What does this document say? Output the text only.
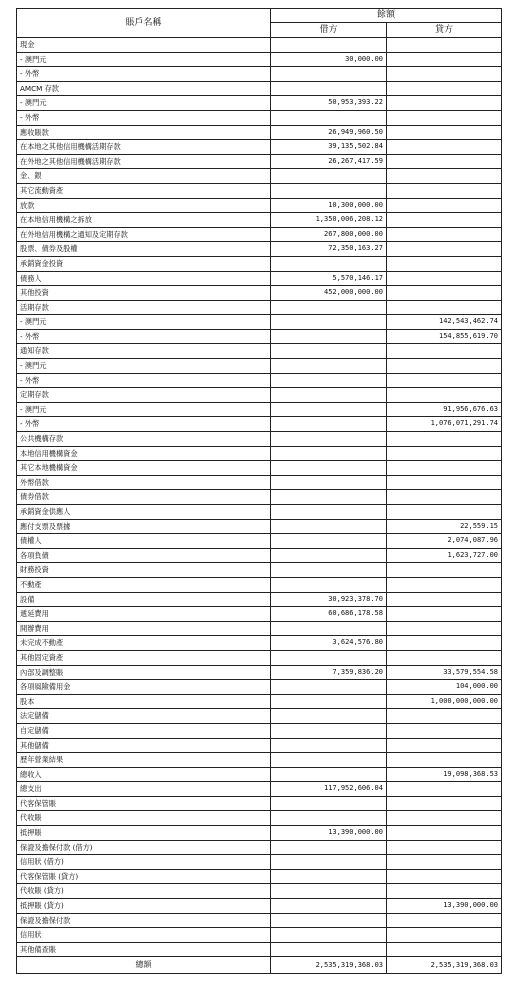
賬戶名稱	餘額	
	借方	貸方
現金		
- 澳門元	30,000.00	
- 外幣		
AMCM 存款		
- 澳門元	50,953,393.22	
- 外幣		
應收賬款	26,949,960.50	
在本地之其他信用機構活期存款	39,135,502.84	
在外地之其他信用機構活期存款	26,267,417.59	
金、銀		
其它流動資產		
放款	10,300,000.00	
在本地信用機構之拆放	1,350,006,208.12	
在外地信用機構之通知及定期存款	267,800,000.00	
股票、債券及股權	72,350,163.27	
承銷資金投資		
債務人	5,570,146.17	
其他投資	452,000,000.00	
活期存款		
- 澳門元		142,543,462.74
- 外幣		154,855,619.70
通知存款		
- 澳門元		
- 外幣		
定期存款		
- 澳門元		91,956,676.63
- 外幣		1,076,071,291.74
公共機構存款		
本地信用機構資金		
其它本地機構資金		
外幣借款		
債券借款		
承銷資金供應人		
應付支票及票據		22,559.15
債權人		2,074,087.96
各項負債		1,623,727.00
財務投資		
不動產		
設備	30,923,378.70	
遞延費用	60,686,178.58	
開辦費用		
未完成不動產	3,624,576.80	
其他固定資產		
內部及調整賬	7,359,836.20	33,579,554.58
各項風險備用金		104,000.00
股本		1,000,000,000.00
法定儲備		
自定儲備		
其他儲備		
歷年營業結果		
總收入		19,098,368.53
總支出	117,952,606.04	
代客保管賬		
代收賬		
抵押賬	13,390,000.00	
保證及擔保付款 (借方)		
信用狀 (借方)		
代客保管賬 (貸方)		
代收賬 (貸方)		
抵押賬 (貸方)		13,390,000.00
保證及擔保付款		
信用狀		
其他備查賬		
總額	2,535,319,368.03	2,535,319,368.03
